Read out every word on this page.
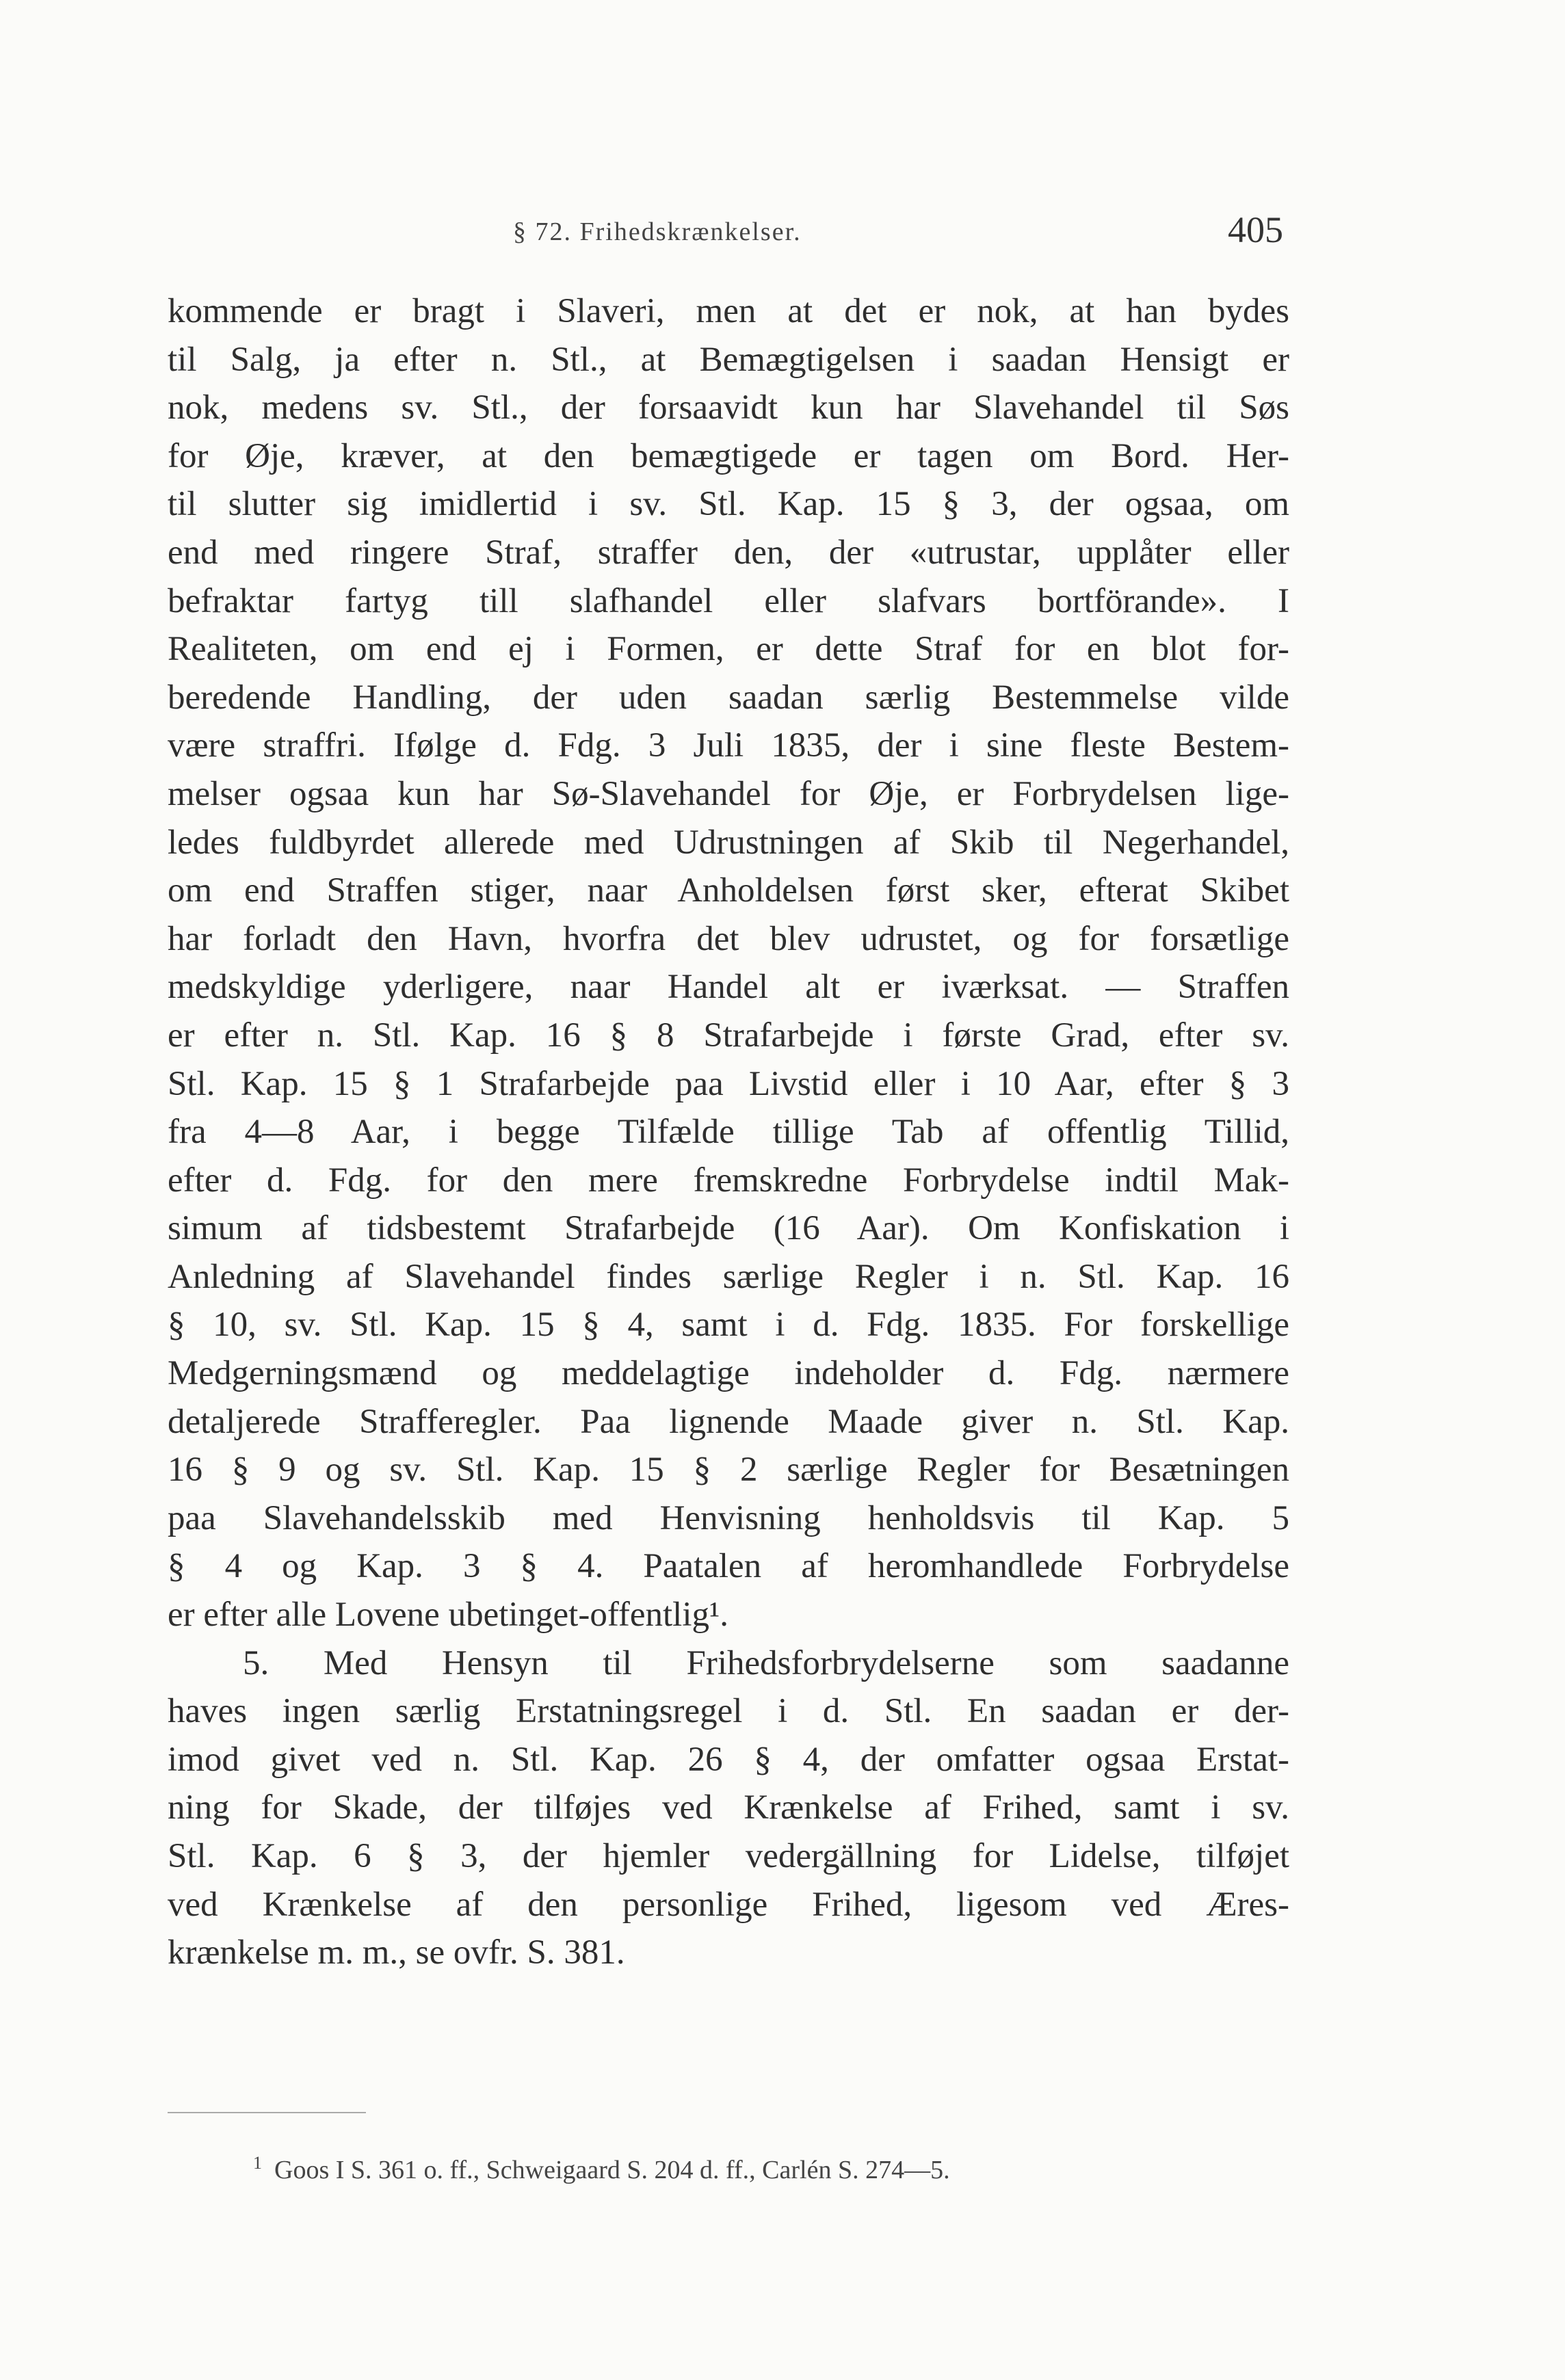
§ 72. Frihedskrænkelser.	405
kommende er bragt i Slaveri, men at det er nok, at han bydes
til Salg, ja efter n. Stl., at Bemægtigelsen i saadan Hensigt er
nok, medens sv. Stl., der forsaavidt kun har Slavehandel til Søs
for Øje, kræver, at den bemægtigede er tagen om Bord. Her-
til slutter sig imidlertid i sv. Stl. Kap. 15 § 3, der ogsaa, om
end med ringere Straf, straffer den, der «utrustar, upplåter eller
befraktar fartyg till slafhandel eller slafvars bortförande». I
Realiteten, om end ej i Formen, er dette Straf for en blot for-
beredende Handling, der uden saadan særlig Bestemmelse vilde
være straffri. Ifølge d. Fdg. 3 Juli 1835, der i sine fleste Bestem-
melser ogsaa kun har Sø-Slavehandel for Øje, er Forbrydelsen lige-
ledes fuldbyrdet allerede med Udrustningen af Skib til Negerhandel,
om end Straffen stiger, naar Anholdelsen først sker, efterat Skibet
har forladt den Havn, hvorfra det blev udrustet, og for forsætlige
medskyldige yderligere, naar Handel alt er iværksat. — Straffen
er efter n. Stl. Kap. 16 § 8 Strafarbejde i første Grad, efter sv.
Stl. Kap. 15 § 1 Strafarbejde paa Livstid eller i 10 Aar, efter § 3
fra 4—8 Aar, i begge Tilfælde tillige Tab af offentlig Tillid,
efter d. Fdg. for den mere fremskredne Forbrydelse indtil Mak-
simum af tidsbestemt Strafarbejde (16 Aar). Om Konfiskation i
Anledning af Slavehandel findes særlige Regler i n. Stl. Kap. 16
§ 10, sv. Stl. Kap. 15 § 4, samt i d. Fdg. 1835. For forskellige
Medgerningsmænd og meddelagtige indeholder d. Fdg. nærmere
detaljerede Strafferegler. Paa lignende Maade giver n. Stl. Kap.
16 § 9 og sv. Stl. Kap. 15 § 2 særlige Regler for Besætningen
paa Slavehandelsskib med Henvisning henholdsvis til Kap. 5
§ 4 og Kap. 3 § 4. Paatalen af heromhandlede Forbrydelse
er efter alle Lovene ubetinget-offentlig¹.
5. Med Hensyn til Frihedsforbrydelserne som saadanne
haves ingen særlig Erstatningsregel i d. Stl. En saadan er der-
imod givet ved n. Stl. Kap. 26 § 4, der omfatter ogsaa Erstat-
ning for Skade, der tilføjes ved Krænkelse af Frihed, samt i sv.
Stl. Kap. 6 § 3, der hjemler vedergällning for Lidelse, tilføjet
ved Krænkelse af den personlige Frihed, ligesom ved Æres-
krænkelse m. m., se ovfr. S. 381.
$^1$ Goos I S. 361 o. ff., Schweigaard S. 204 d. ff., Carlén S. 274—5.
